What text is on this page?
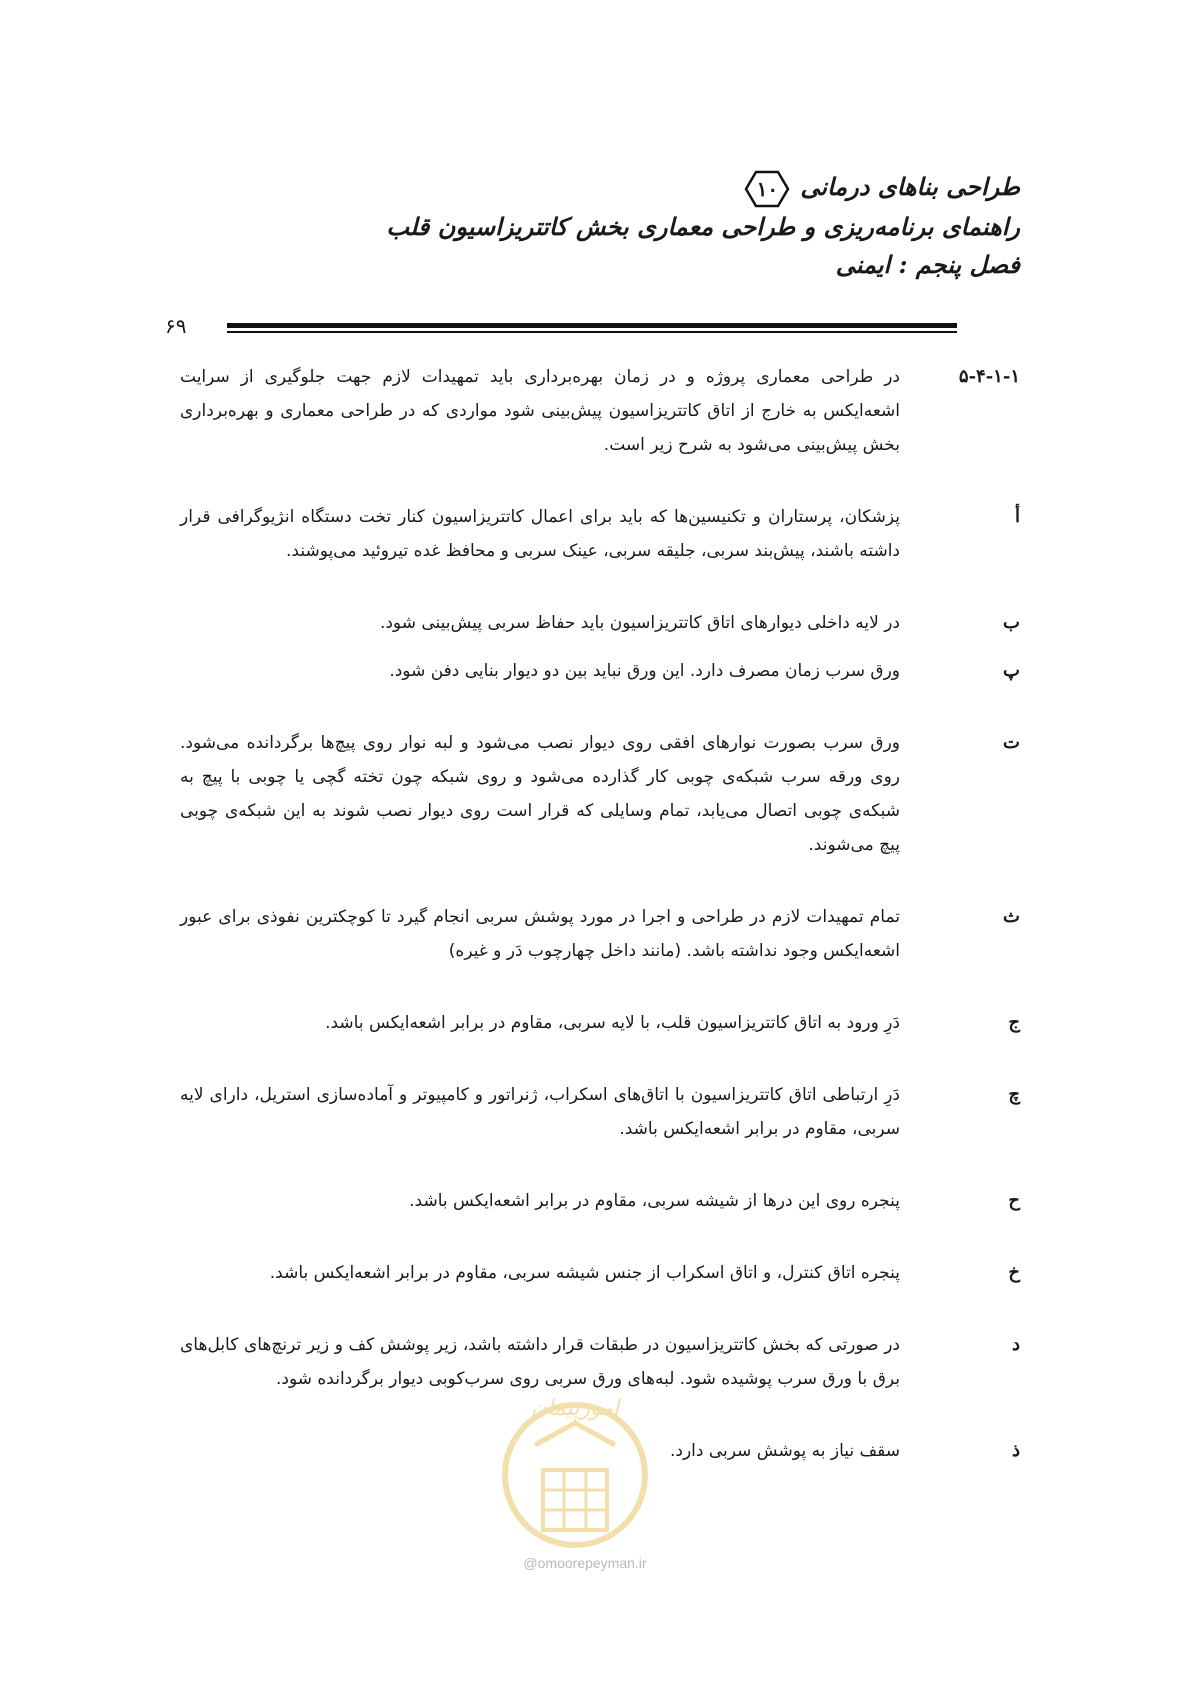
طراحی بناهای درمانی
۱۰

راهنمای برنامه‌ریزی و طراحی معماری بخش کاتتریزاسیون قلب

فصل پنجم : ایمنی

۶۹
۵-۴-۱-۱
در طراحی معماری پروژه و در زمان بهره‌برداری باید تمهیدات لازم جهت جلوگیری از سرایت اشعه‌ایکس به خارج از اتاق کاتتریزاسیون پیش‌بینی شود مواردی که در طراحی معماری و بهره‌برداری بخش پیش‌بینی می‌شود به شرح زیر است.
أ
پزشکان، پرستاران و تکنیسین‌ها که باید برای اعمال کاتتریزاسیون کنار تخت دستگاه انژیوگرافی قرار داشته باشند، پیش‌بند سربی، جلیقه سربی، عینک سربی و محافظ غده تیروئید می‌پوشند.
ب
در لایه داخلی دیوارهای اتاق کاتتریزاسیون باید حفاظ سربی پیش‌بینی شود.
پ
ورق سرب زمان مصرف دارد. این ورق نباید بین دو دیوار بنایی دفن شود.
ت
ورق سرب بصورت نوارهای افقی روی دیوار نصب می‌شود و لبه نوار روی پیچ‌ها برگردانده می‌شود. روی ورقه سرب شبکه‌ی چوبی کار گذارده می‌شود و روی شبکه چون تخته گچی یا چوبی با پیچ به شبکه‌ی چوبی اتصال می‌یابد، تمام وسایلی که قرار است روی دیوار نصب شوند به این شبکه‌ی چوبی پیچ می‌شوند.
ث
تمام تمهیدات لازم در طراحی و اجرا در مورد پوشش سربی انجام گیرد تا کوچکترین نفوذی برای عبور اشعه‌ایکس وجود نداشته باشد. (مانند داخل چهارچوب دَر و غیره)
ج
دَرِ ورود به اتاق کاتتریزاسیون قلب، با لایه سربی، مقاوم در برابر اشعه‌ایکس باشد.
چ
دَرِ ارتباطی اتاق کاتتریزاسیون با اتاق‌های اسکراب، ژنراتور و کامپیوتر و آماده‌سازی استریل، دارای لایه سربی، مقاوم در برابر اشعه‌ایکس باشد.
ح
پنجره روی این درها از شیشه سربی، مقاوم در برابر اشعه‌ایکس باشد.
خ
پنجره اتاق کنترل، و اتاق اسکراب از جنس شیشه سربی، مقاوم در برابر اشعه‌ایکس باشد.
د
در صورتی که بخش کاتتریزاسیون در طبقات قرار داشته باشد، زیر پوشش کف و زیر ترنچ‌های کابل‌های برق با ورق سرب پوشیده شود. لبه‌های ورق سربی روی سرب‌کوبی دیوار برگردانده شود.
ذ
سقف نیاز به پوشش سربی دارد.
امورپیمان
@omoorepeyman.ir
